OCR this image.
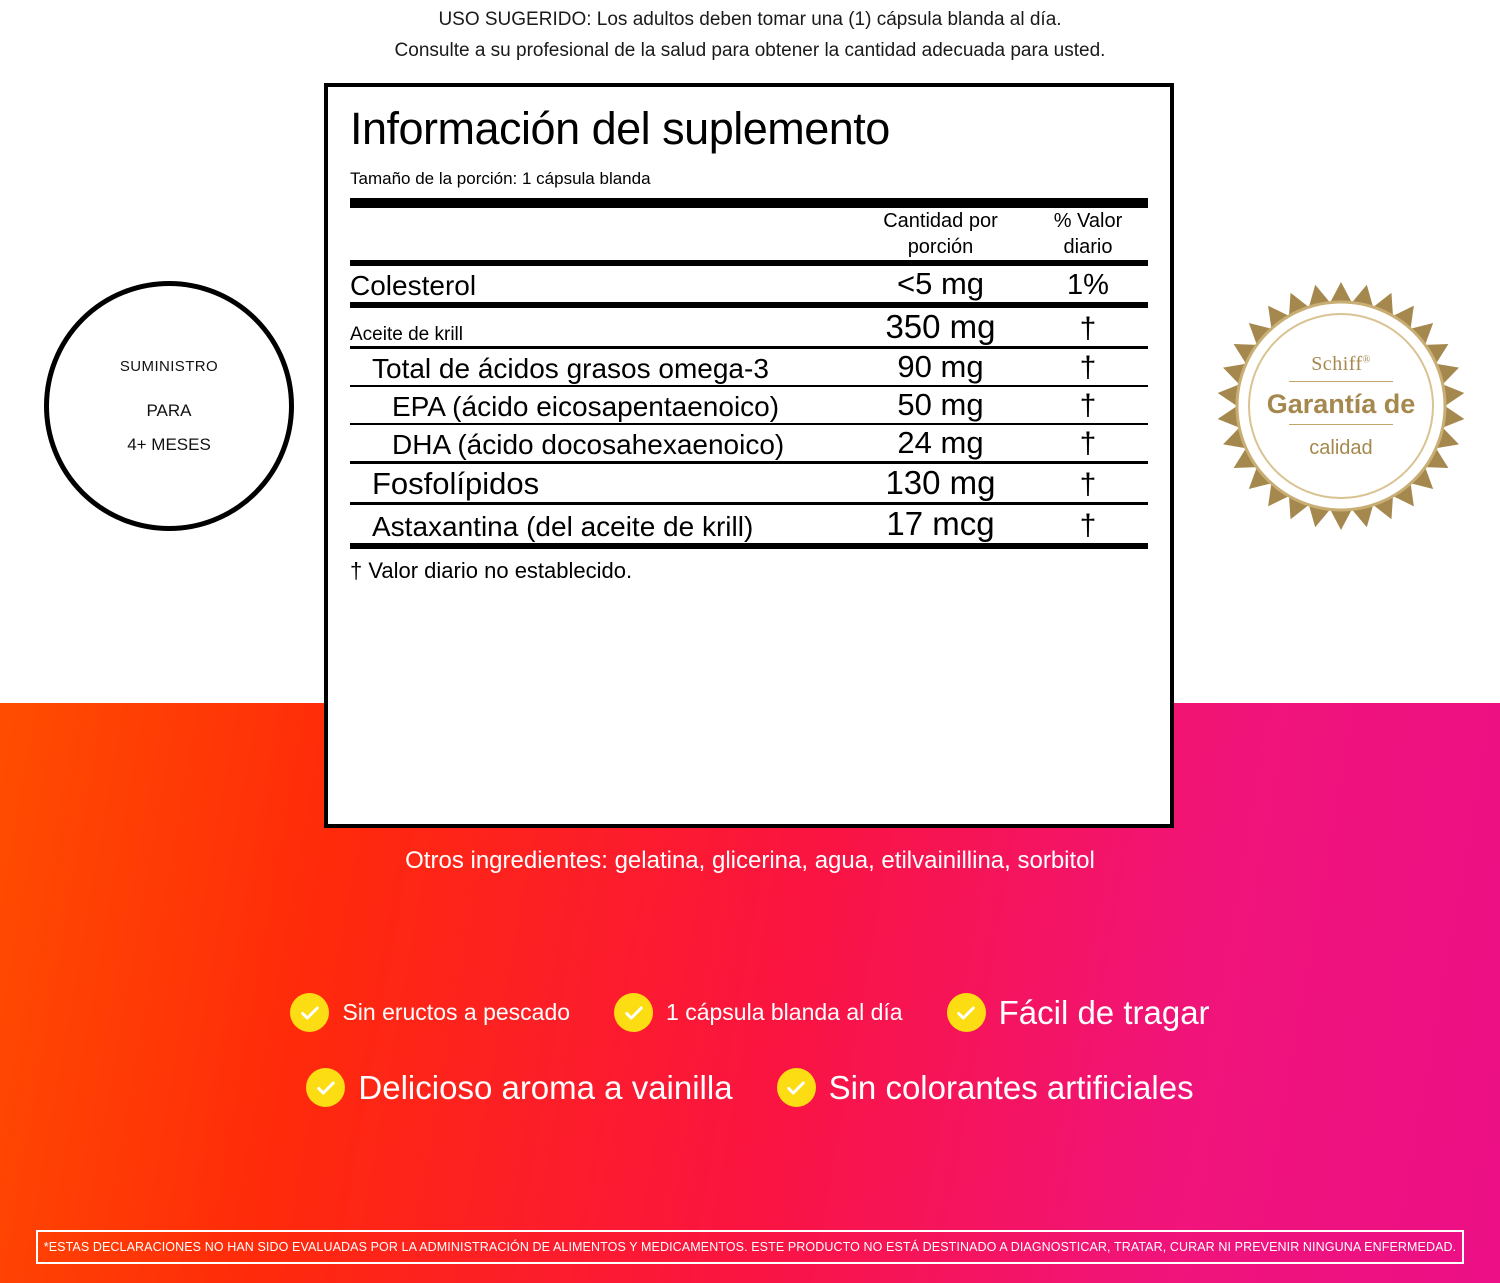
USO SUGERIDO: Los adultos deben tomar una (1) cápsula blanda al día.
Consulte a su profesional de la salud para obtener la cantidad adecuada para usted.
SUMINISTRO
PARA
4+ MESES
Schiff®
Garantía de
calidad
Información del suplemento
Tamaño de la porción: 1 cápsula blanda

Cantidad por
porción

% Valor
diario
Colesterol	<5 mg	1%
Aceite de krill	350 mg	†
Total de ácidos grasos omega-3	90 mg	†
EPA (ácido eicosapentaenoico)	50 mg	†
DHA (ácido docosahexaenoico)	24 mg	†
Fosfolípidos	130 mg	†
Astaxantina (del aceite de krill)	17 mcg	†
† Valor diario no establecido.
Otros ingredientes: gelatina, glicerina, agua, etilvainillina, sorbitol
Sin eructos a pescado	1 cápsula blanda al día	Fácil de tragar
Delicioso aroma a vainilla	Sin colorantes artificiales
*ESTAS DECLARACIONES NO HAN SIDO EVALUADAS POR LA ADMINISTRACIÓN DE ALIMENTOS Y MEDICAMENTOS. ESTE PRODUCTO NO ESTÁ DESTINADO A DIAGNOSTICAR, TRATAR, CURAR NI PREVENIR NINGUNA ENFERMEDAD.
